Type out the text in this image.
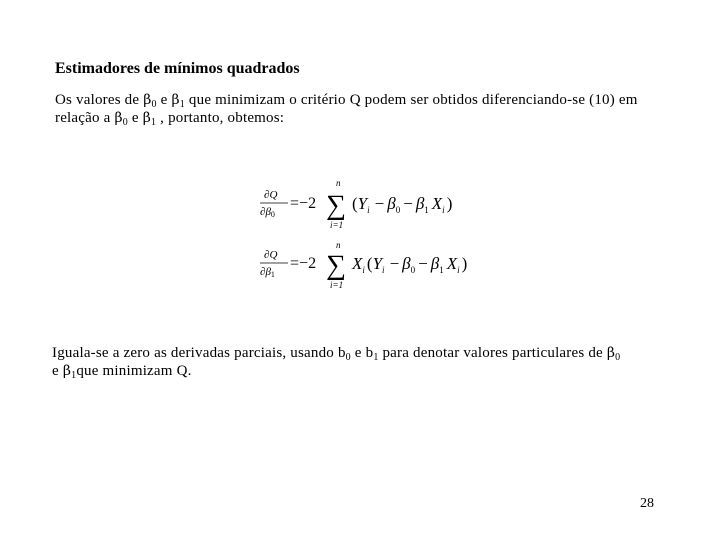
Estimadores de mínimos quadrados

Os valores de $\beta_0$ e $\beta_1$ que minimizam o critério Q podem ser obtidos diferenciando-se (10) em relação a $\beta_0$ e $\beta_1$ , portanto, obtemos:

∂Q
∂β0
=−2 ∑
n
i=1
($Y_i - \beta_0 - \beta_1$ $X_i$ )
∂Q
∂β1
=−2 ∑
n
i=1
$X_i$ ($Y_i - \beta_0 - \beta_1$ $X_i$ )

Iguala-se a zero as derivadas parciais, usando $b_0$ e $b_1$ para denotar valores particulares de $\beta_0$
e $\beta_1que$ minimizam Q.

28
